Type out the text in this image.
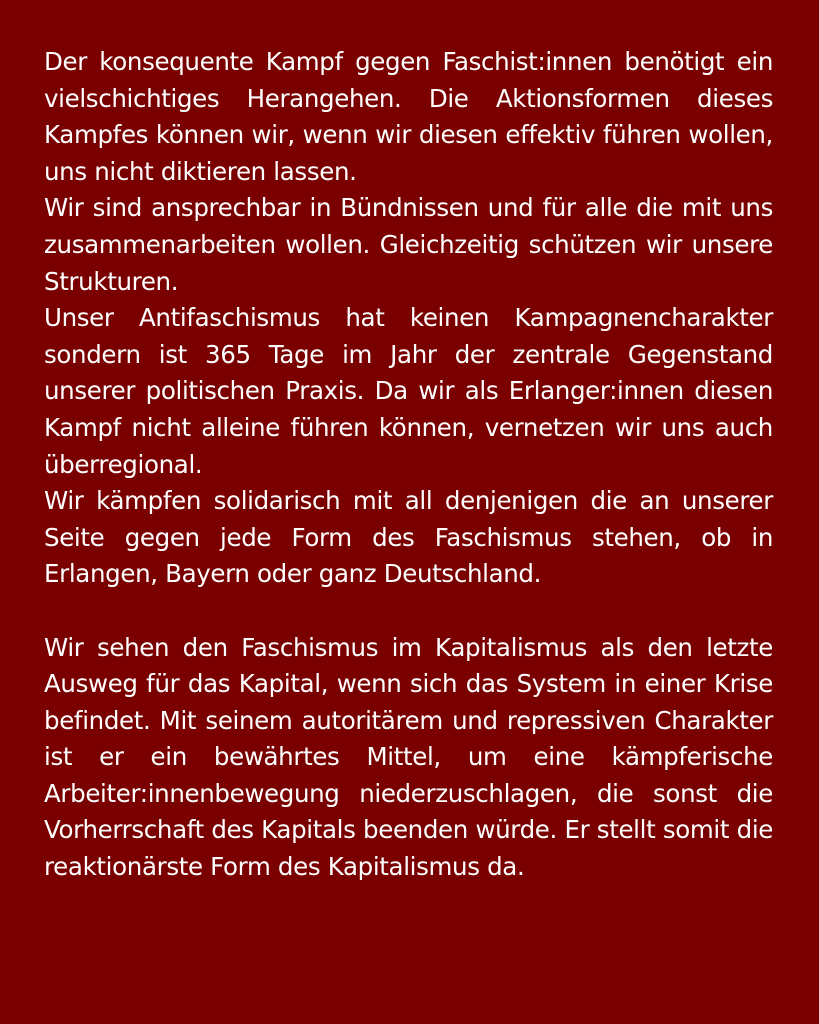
Der konsequente Kampf gegen Faschist:innen benötigt ein vielschichtiges Herangehen. Die Aktionsformen dieses Kampfes können wir, wenn wir diesen effektiv führen wollen, uns nicht diktieren lassen.

Wir sind ansprechbar in Bündnissen und für alle die mit uns zusammenarbeiten wollen. Gleichzeitig schützen wir unsere Strukturen.

Unser Antifaschismus hat keinen Kampagnencharakter sondern ist 365 Tage im Jahr der zentrale Gegenstand unserer politischen Praxis. Da wir als Erlanger:innen diesen Kampf nicht alleine führen können, vernetzen wir uns auch überregional.

Wir kämpfen solidarisch mit all denjenigen die an unserer Seite gegen jede Form des Faschismus stehen, ob in Erlangen, Bayern oder ganz Deutschland.

Wir sehen den Faschismus im Kapitalismus als den letzte Ausweg für das Kapital, wenn sich das System in einer Krise befindet. Mit seinem autoritärem und repressiven Charakter ist er ein bewährtes Mittel, um eine kämpferische Arbeiter:innenbewegung niederzuschlagen, die sonst die Vorherrschaft des Kapitals beenden würde. Er stellt somit die reaktionärste Form des Kapitalismus da.
